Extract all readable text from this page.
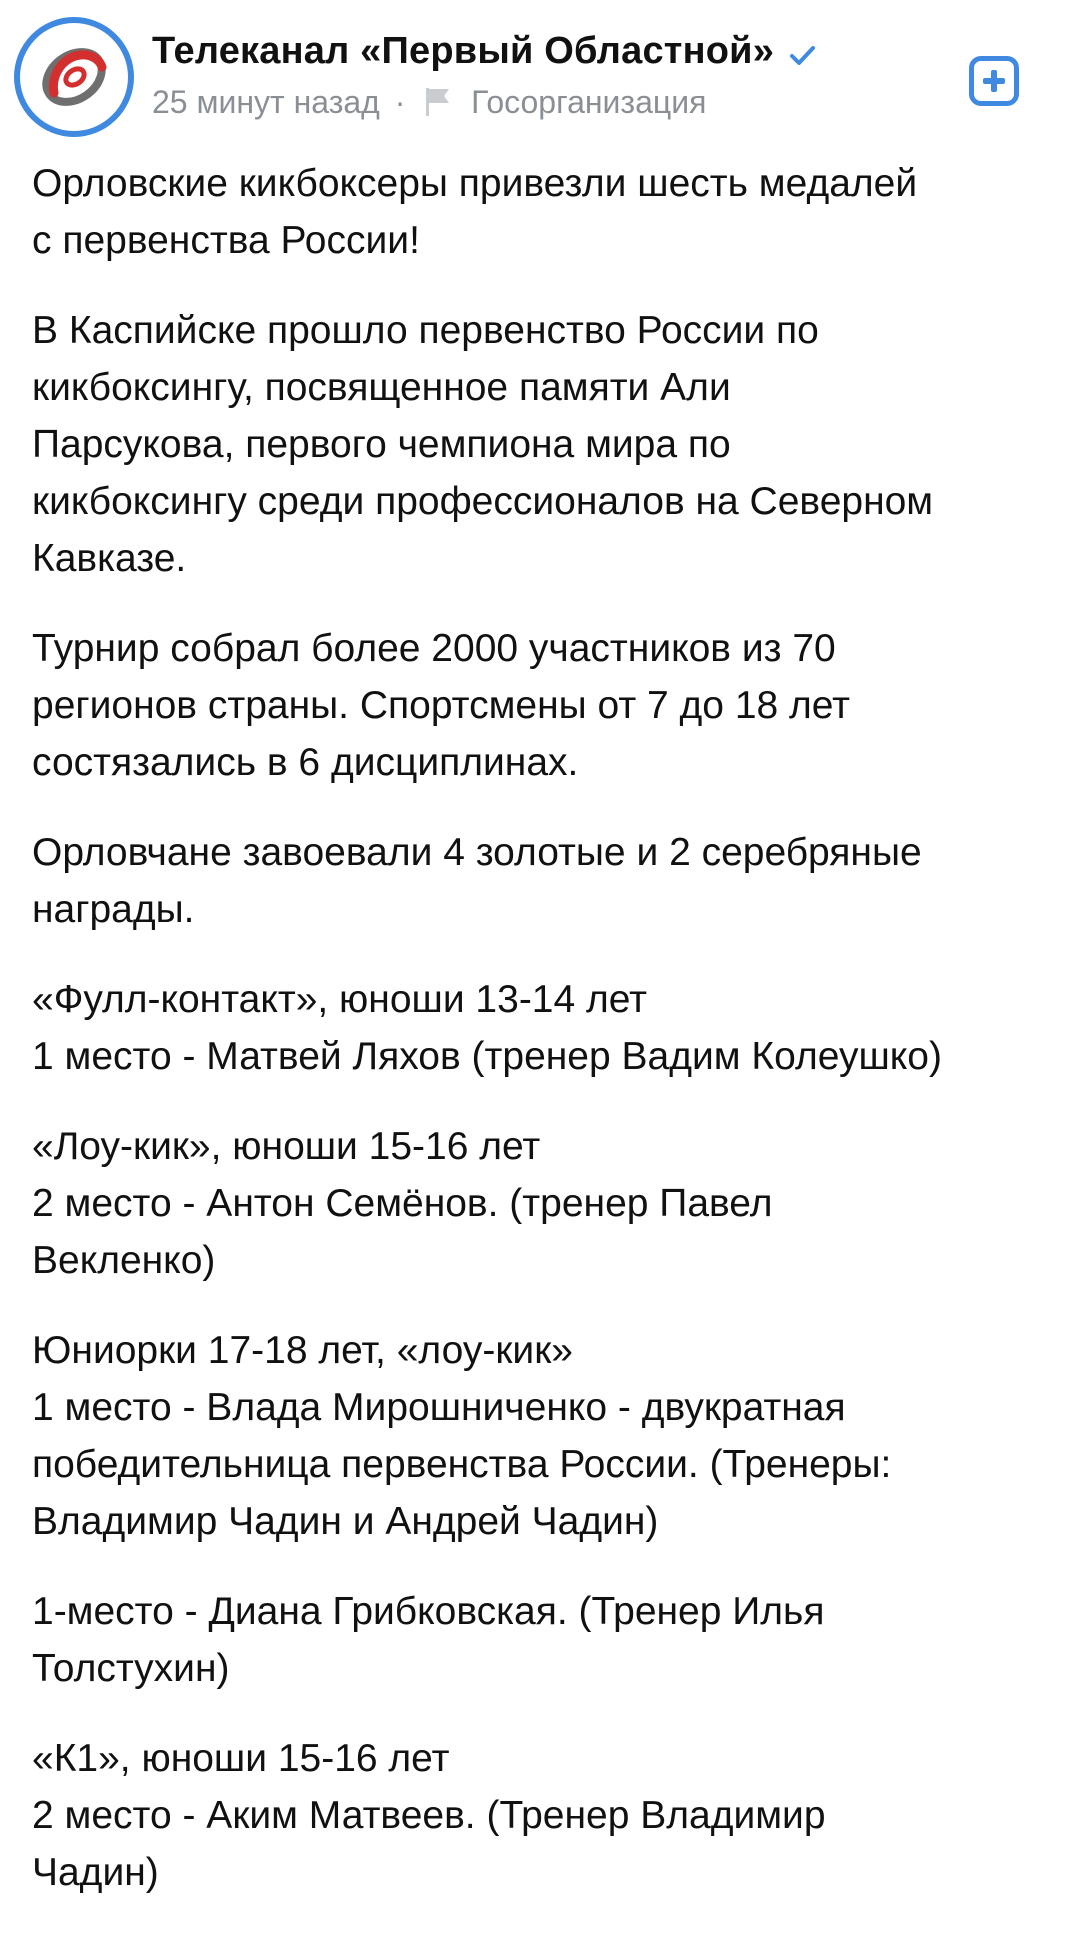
Телеканал «Первый Областной»
25 минут назад · Госорганизация

Орловские кикбоксеры привезли шесть медалей
с первенства России!

В Каспийске прошло первенство России по
кикбоксингу, посвященное памяти Али
Парсукова, первого чемпиона мира по
кикбоксингу среди профессионалов на Северном
Кавказе.

Турнир собрал более 2000 участников из 70
регионов страны. Спортсмены от 7 до 18 лет
состязались в 6 дисциплинах.

Орловчане завоевали 4 золотые и 2 серебряные
награды.

«Фулл-контакт», юноши 13-14 лет
1 место - Матвей Ляхов (тренер Вадим Колеушко)

«Лоу-кик», юноши 15-16 лет
2 место - Антон Семёнов. (тренер Павел
Векленко)

Юниорки 17-18 лет, «лоу-кик»
1 место - Влада Мирошниченко - двукратная
победительница первенства России. (Тренеры:
Владимир Чадин и Андрей Чадин)

1-место - Диана Грибковская. (Тренер Илья
Толстухин)

«К1», юноши 15-16 лет
2 место - Аким Матвеев. (Тренер Владимир
Чадин)
